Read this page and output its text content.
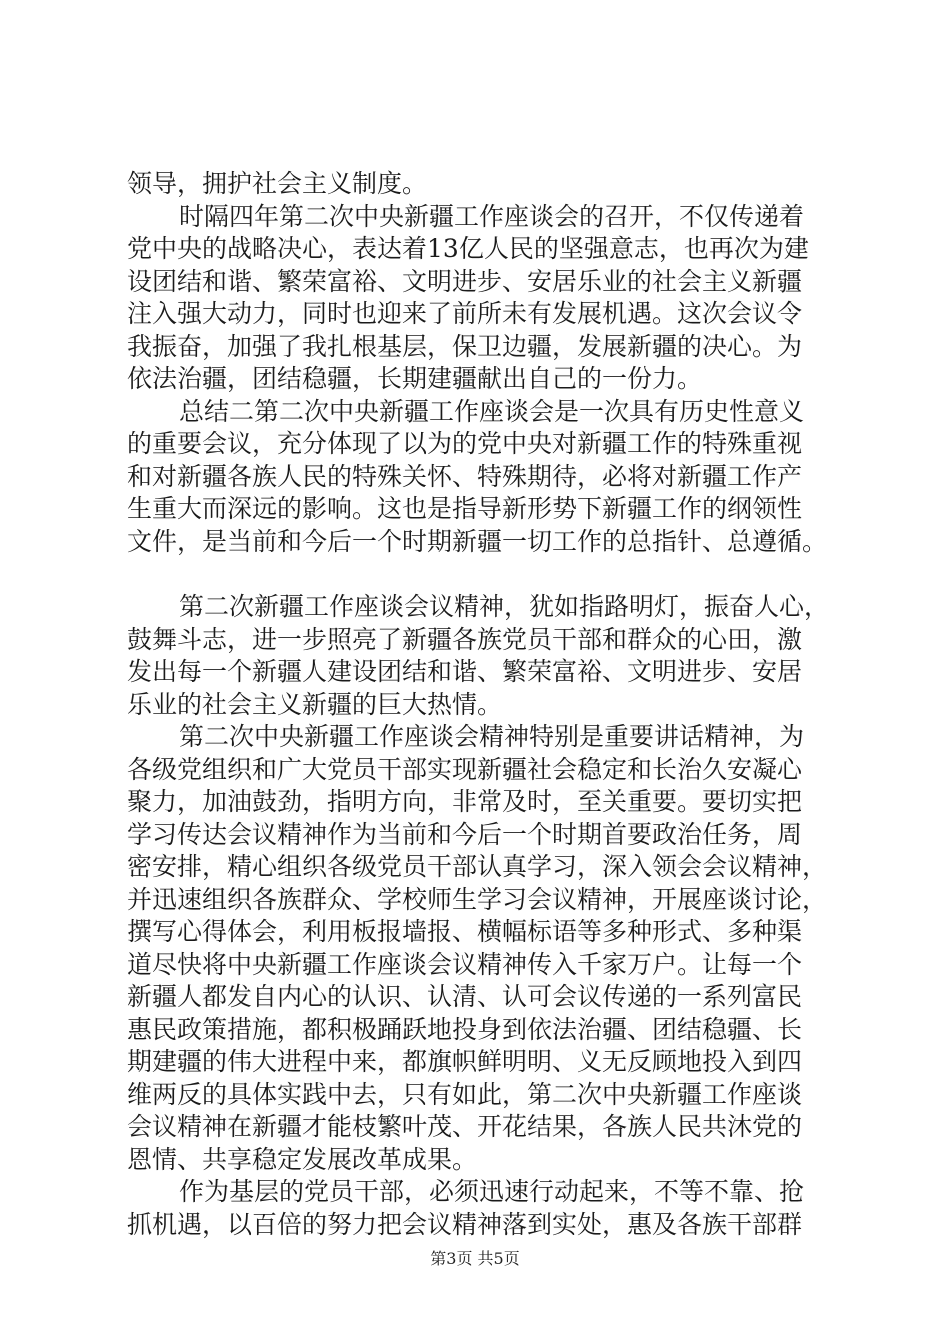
领导，拥护社会主义制度。
时隔四年第二次中央新疆工作座谈会的召开，不仅传递着
党中央的战略决心，表达着13亿人民的坚强意志，也再次为建
设团结和谐、繁荣富裕、文明进步、安居乐业的社会主义新疆
注入强大动力，同时也迎来了前所未有发展机遇。这次会议令
我振奋，加强了我扎根基层，保卫边疆，发展新疆的决心。为
依法治疆，团结稳疆，长期建疆献出自己的一份力。
总结二第二次中央新疆工作座谈会是一次具有历史性意义
的重要会议，充分体现了以为的党中央对新疆工作的特殊重视
和对新疆各族人民的特殊关怀、特殊期待，必将对新疆工作产
生重大而深远的影响。这也是指导新形势下新疆工作的纲领性
文件，是当前和今后一个时期新疆一切工作的总指针、总遵循。
第二次新疆工作座谈会议精神，犹如指路明灯，振奋人心，
鼓舞斗志，进一步照亮了新疆各族党员干部和群众的心田，激
发出每一个新疆人建设团结和谐、繁荣富裕、文明进步、安居
乐业的社会主义新疆的巨大热情。
第二次中央新疆工作座谈会精神特别是重要讲话精神，为
各级党组织和广大党员干部实现新疆社会稳定和长治久安凝心
聚力，加油鼓劲，指明方向，非常及时，至关重要。要切实把
学习传达会议精神作为当前和今后一个时期首要政治任务，周
密安排，精心组织各级党员干部认真学习，深入领会会议精神，
并迅速组织各族群众、学校师生学习会议精神，开展座谈讨论，
撰写心得体会，利用板报墙报、横幅标语等多种形式、多种渠
道尽快将中央新疆工作座谈会议精神传入千家万户。让每一个
新疆人都发自内心的认识、认清、认可会议传递的一系列富民
惠民政策措施，都积极踊跃地投身到依法治疆、团结稳疆、长
期建疆的伟大进程中来，都旗帜鲜明明、义无反顾地投入到四
维两反的具体实践中去，只有如此，第二次中央新疆工作座谈
会议精神在新疆才能枝繁叶茂、开花结果，各族人民共沐党的
恩情、共享稳定发展改革成果。
作为基层的党员干部，必须迅速行动起来，不等不靠、抢
抓机遇，以百倍的努力把会议精神落到实处，惠及各族干部群
第3页 共5页
